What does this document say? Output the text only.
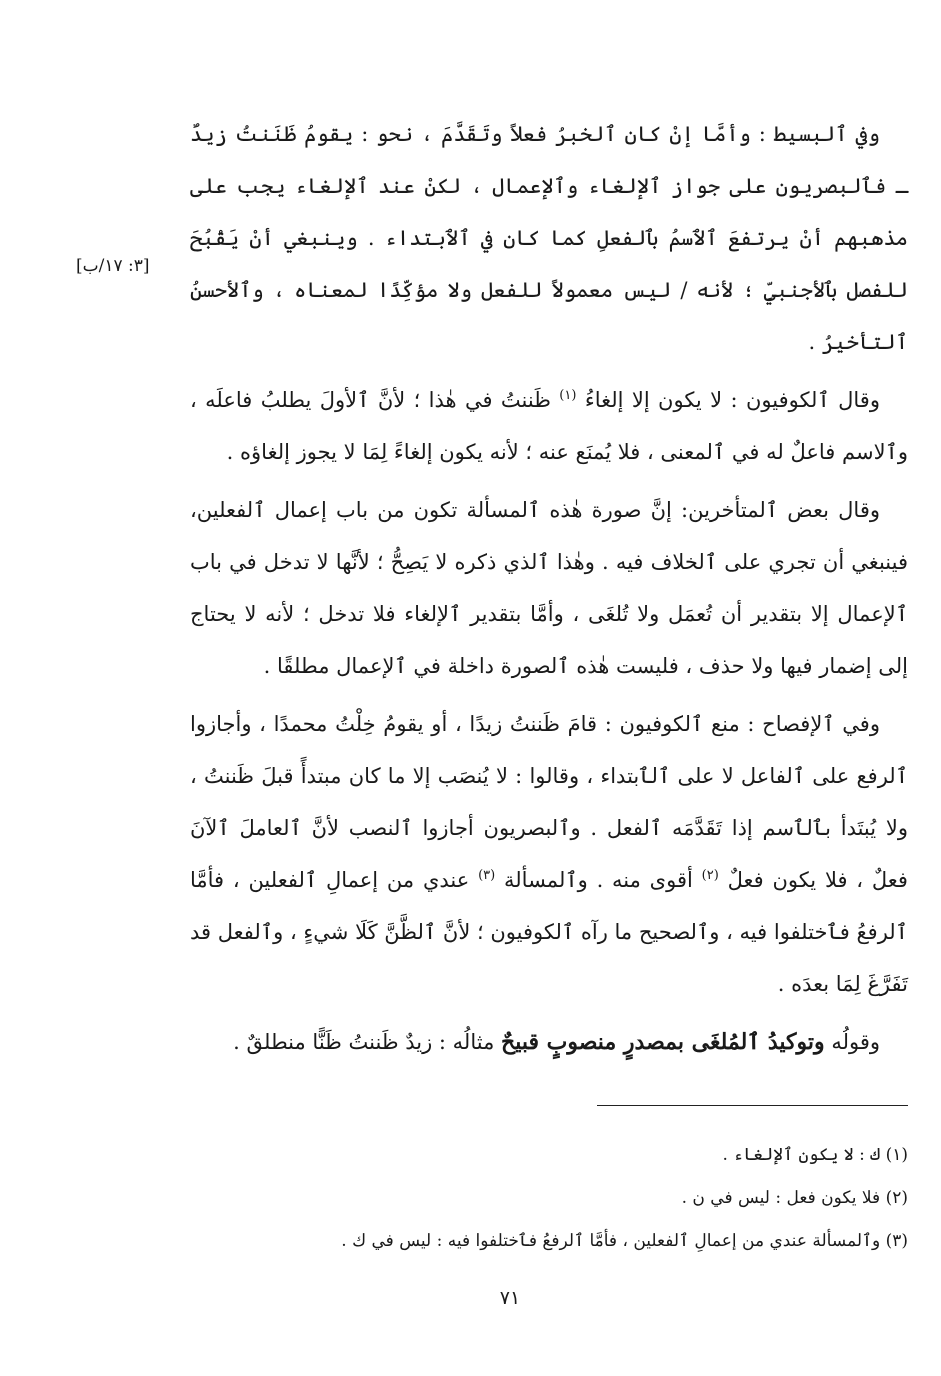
[٣: ١٧/ب]

وفي ٱلبسيط : وأمَّا إنْ كان ٱلخبرُ فعلاً وتَقَدَّمَ ، نحو : يقومُ ظَنَنتُ زيدٌ ـ فٱلبصريون على جواز ٱلإلغاء وٱلإعمال ، لكنْ عند ٱلإلغاء يجب على مذهبهم أنْ يرتفعَ ٱلٱسمُ بٱلفعلِ كما كان في ٱلٱبتداء . وينبغي أنْ يَقْبُحَ للفصل بٱلأجنبيِّ ؛ لأنه / ليس معمولاً للفعل ولا مؤكِّدًا لمعناه ، وٱلأحسنُ ٱلتأخيرُ .

وقال ٱلكوفيون : لا يكون إلا إلغاءُ $^{(١)}$ ظَننتُ في هٰذا ؛ لأنَّ ٱلأولَ يطلبُ فاعلَه ، وٱلاسم فاعلٌ له في ٱلمعنى ، فلا يُمنَع عنه ؛ لأنه يكون إلغاءً لِمَا لا يجوز إلغاؤه .

وقال بعض ٱلمتأخرين: إنَّ صورة هٰذه ٱلمسألة تكون من باب إعمال ٱلفعلين، فينبغي أن تجري على ٱلخلاف فيه . وهٰذا ٱلذي ذكره لا يَصِحُّ ؛ لأنَّها لا تدخل في باب ٱلإعمال إلا بتقدير أن تُعمَل ولا تُلغَى ، وأمَّا بتقدير ٱلإلغاء فلا تدخل ؛ لأنه لا يحتاج إلى إضمار فيها ولا حذف ، فليست هٰذه ٱلصورة داخلة في ٱلإعمال مطلقًا .

وفي ٱلإفصاح : منع ٱلكوفيون : قامَ ظَننتُ زيدًا ، أو يقومُ خِلْتُ محمدًا ، وأجازوا ٱلرفع على ٱلفاعل لا على ٱلٱبتداء ، وقالوا : لا يُنصَب إلا ما كان مبتدأً قبلَ ظَننتُ ، ولا يُبتَدأ بٱلٱسم إذا تَقَدَّمَه ٱلفعل . وٱلبصريون أجازوا ٱلنصب لأنَّ ٱلعاملَ ٱلآنَ فعلٌ ، فلا يكون فعلٌ $^{(٢)}$ أقوى منه . وٱلمسألة $^{(٣)}$ عندي من إعمالِ ٱلفعلين ، فأمَّا ٱلرفعُ فٱختلفوا فيه ، وٱلصحيح ما رآه ٱلكوفيون ؛ لأنَّ ٱلظَّنَّ كَلَا شيءٍ ، وٱلفعل قد تَفَرَّغَ لِمَا بعدَه .

وقولُه وتوكيدُ ٱلمُلغَى بمصدرٍ منصوبٍ قبيحٌ مثالُه : زيدٌ ظَننتُ ظَنًّا منطلقٌ .

(١) ك : لا يكون ٱلإلغاء .

(٢) فلا يكون فعل : ليس في ن .

(٣) وٱلمسألة عندي من إعمالِ ٱلفعلين ، فأمَّا ٱلرفعُ فٱختلفوا فيه : ليس في ك .

٧١
